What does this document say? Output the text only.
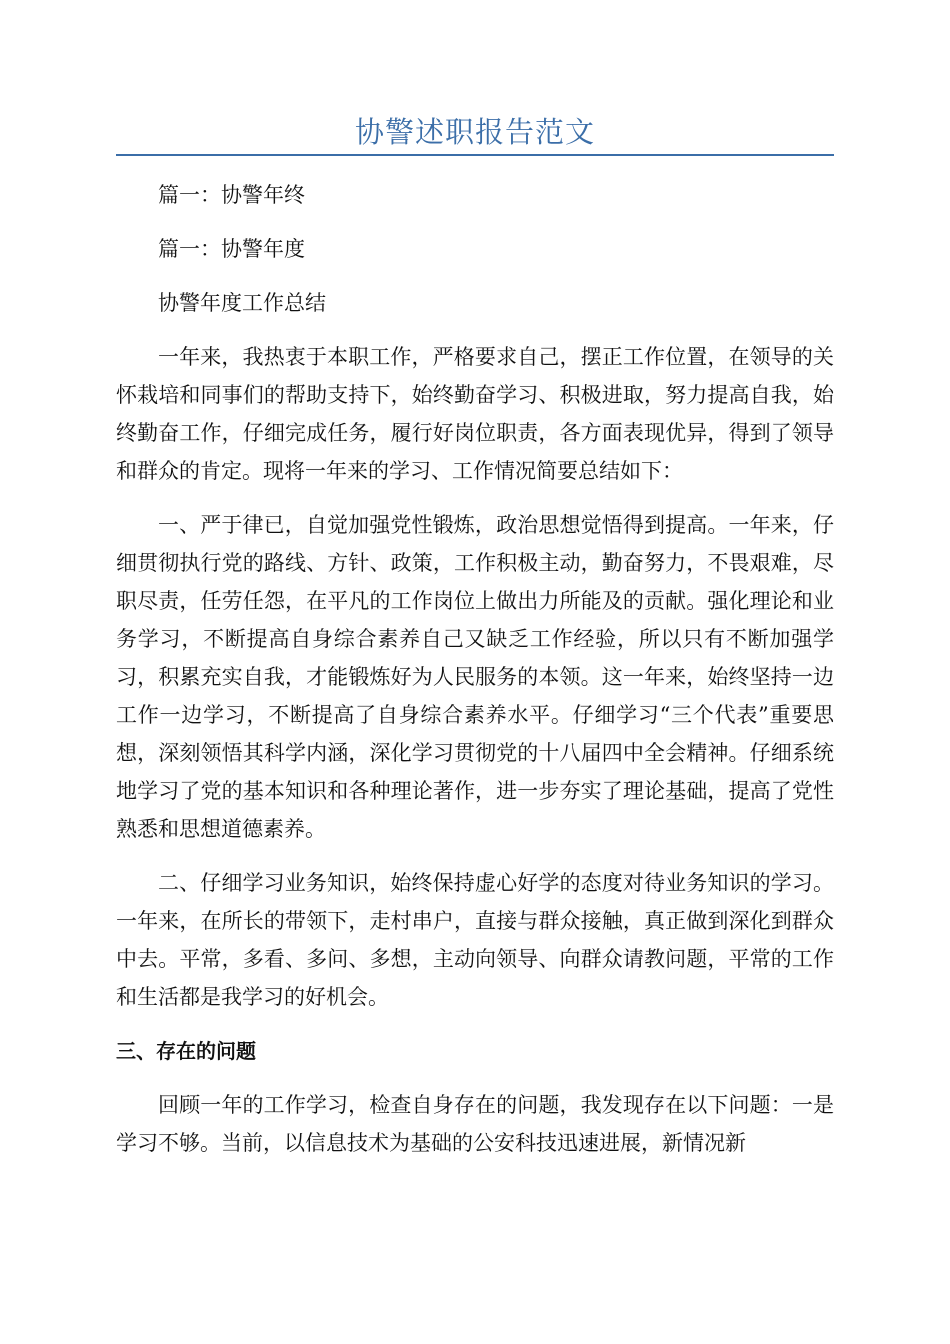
协警述职报告范文

篇一：协警年终

篇一：协警年度

协警年度工作总结

一年来，我热衷于本职工作，严格要求自己，摆正工作位置，在领导的关怀栽培和同事们的帮助支持下，始终勤奋学习、积极进取，努力提高自我，始终勤奋工作，仔细完成任务，履行好岗位职责，各方面表现优异，得到了领导和群众的肯定。现将一年来的学习、工作情况简要总结如下：

一、严于律已，自觉加强党性锻炼，政治思想觉悟得到提高。一年来，仔细贯彻执行党的路线、方针、政策，工作积极主动，勤奋努力，不畏艰难，尽职尽责，任劳任怨，在平凡的工作岗位上做出力所能及的贡献。强化理论和业务学习，不断提高自身综合素养自己又缺乏工作经验，所以只有不断加强学习，积累充实自我，才能锻炼好为人民服务的本领。这一年来，始终坚持一边工作一边学习，不断提高了自身综合素养水平。仔细学习“三个代表”重要思想，深刻领悟其科学内涵，深化学习贯彻党的十八届四中全会精神。仔细系统地学习了党的基本知识和各种理论著作，进一步夯实了理论基础，提高了党性熟悉和思想道德素养。

二、仔细学习业务知识，始终保持虚心好学的态度对待业务知识的学习。一年来，在所长的带领下，走村串户，直接与群众接触，真正做到深化到群众中去。平常，多看、多问、多想，主动向领导、向群众请教问题，平常的工作和生活都是我学习的好机会。

三、存在的问题

回顾一年的工作学习，检查自身存在的问题，我发现存在以下问题：一是学习不够。当前，以信息技术为基础的公安科技迅速进展，新情况新
